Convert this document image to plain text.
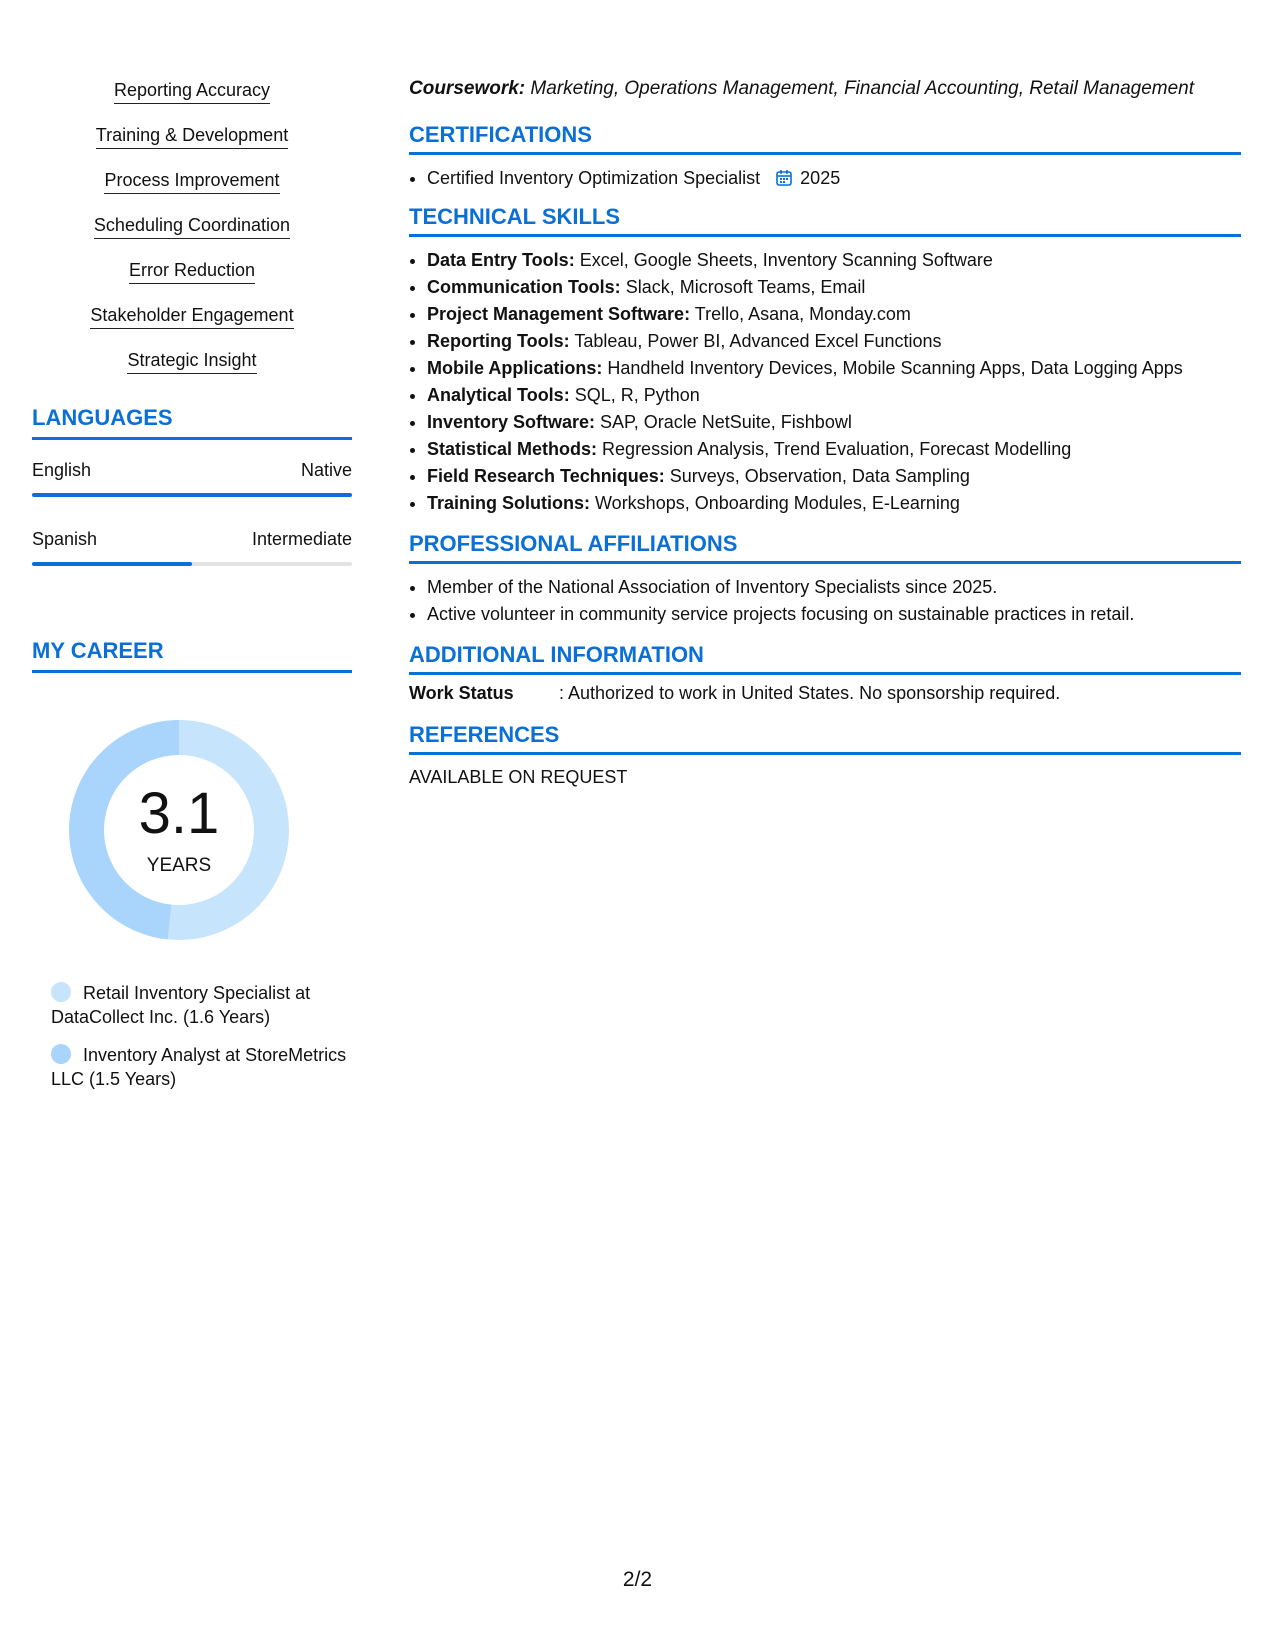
Reporting Accuracy
Training & Development
Process Improvement
Scheduling Coordination
Error Reduction
Stakeholder Engagement
Strategic Insight
LANGUAGES
English	Native
Spanish	Intermediate
MY CAREER
3.1
YEARS
Retail Inventory Specialist at DataCollect Inc. (1.6 Years)
Inventory Analyst at StoreMetrics LLC (1.5 Years)
Coursework: Marketing, Operations Management, Financial Accounting, Retail Management
CERTIFICATIONS
• Certified Inventory Optimization Specialist 2025
TECHNICAL SKILLS
• Data Entry Tools: Excel, Google Sheets, Inventory Scanning Software
• Communication Tools: Slack, Microsoft Teams, Email
• Project Management Software: Trello, Asana, Monday.com
• Reporting Tools: Tableau, Power BI, Advanced Excel Functions
• Mobile Applications: Handheld Inventory Devices, Mobile Scanning Apps, Data Logging Apps
• Analytical Tools: SQL, R, Python
• Inventory Software: SAP, Oracle NetSuite, Fishbowl
• Statistical Methods: Regression Analysis, Trend Evaluation, Forecast Modelling
• Field Research Techniques: Surveys, Observation, Data Sampling
• Training Solutions: Workshops, Onboarding Modules, E-Learning
PROFESSIONAL AFFILIATIONS
• Member of the National Association of Inventory Specialists since 2025.
• Active volunteer in community service projects focusing on sustainable practices in retail.
ADDITIONAL INFORMATION
Work Status	: Authorized to work in United States. No sponsorship required.
REFERENCES
AVAILABLE ON REQUEST
2/2
